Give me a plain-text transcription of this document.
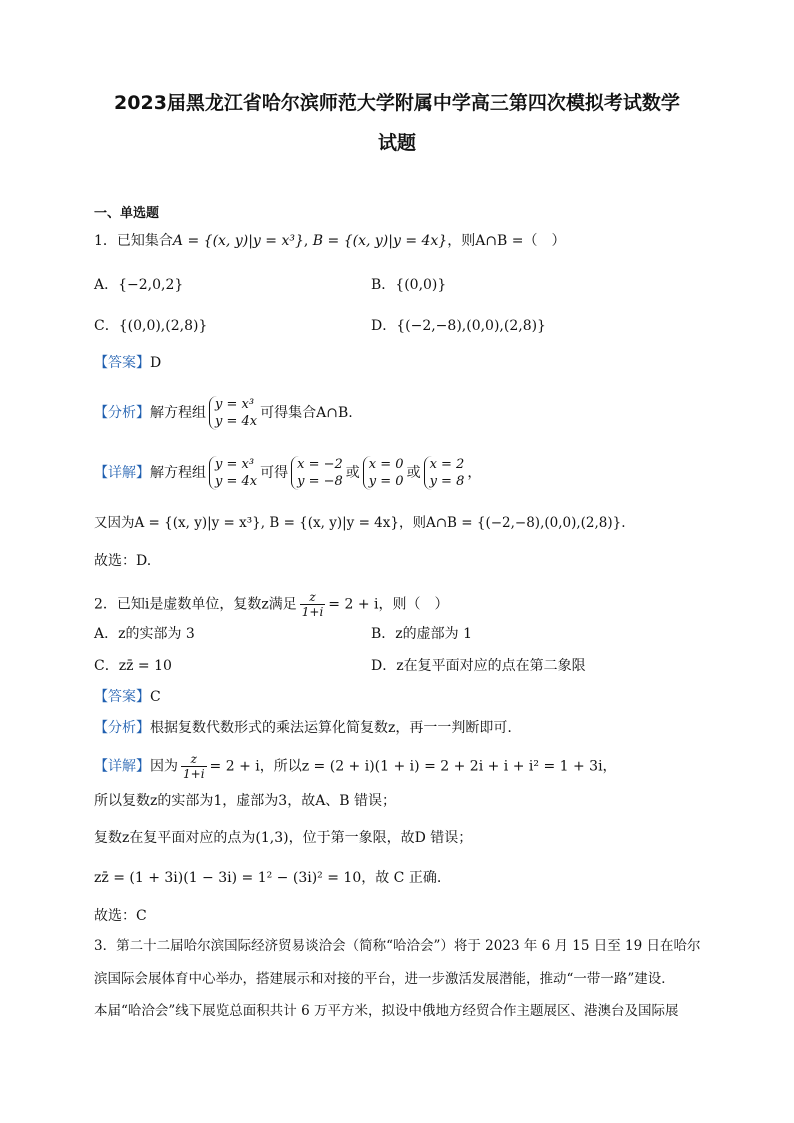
2023届黑龙江省哈尔滨师范大学附属中学高三第四次模拟考试数学
试题
一、单选题
1．已知集合A = {(x, y)|y = x³}, B = {(x, y)|y = 4x}，则A∩B =（　）
A．{−2,0,2}	B．{(0,0)}
C．{(0,0),(2,8)}	D．{(−2,−8),(0,0),(2,8)}
【答案】D
【分析】解方程组
y = x³
y = 4x
可得集合A∩B.
【详解】解方程组
y = x³
y = 4x
可得
x = −2
y = −8
或
x = 0
y = 0
或
x = 2
y = 8
，
又因为A = {(x, y)|y = x³}, B = {(x, y)|y = 4x}，则A∩B = {(−2,−8),(0,0),(2,8)}.
故选：D.
2．已知i是虚数单位，复数z满足 $\frac{z}{1+i} = 2 + i$，则（　）
A．z的实部为 3	B．z的虚部为 1
C．zz̄ = 10	D．z在复平面对应的点在第二象限
【答案】C
【分析】根据复数代数形式的乘法运算化简复数z，再一一判断即可.
【详解】因为 $\frac{z}{1+i} = 2 + i$，所以z = (2 + i)(1 + i) = 2 + 2i + i + i² = 1 + 3i，
所以复数z的实部为1，虚部为3，故A、B 错误；
复数z在复平面对应的点为(1,3)，位于第一象限，故D 错误；
zz̄ = (1 + 3i)(1 − 3i) = 1² − (3i)² = 10，故 C 正确.
故选：C
3．第二十二届哈尔滨国际经济贸易谈洽会（简称“哈洽会”）将于 2023 年 6 月 15 日至 19 日在哈尔
滨国际会展体育中心举办，搭建展示和对接的平台，进一步激活发展潜能，推动“一带一路”建设．
本届“哈洽会”线下展览总面积共计 6 万平方米，拟设中俄地方经贸合作主题展区、港澳台及国际展
